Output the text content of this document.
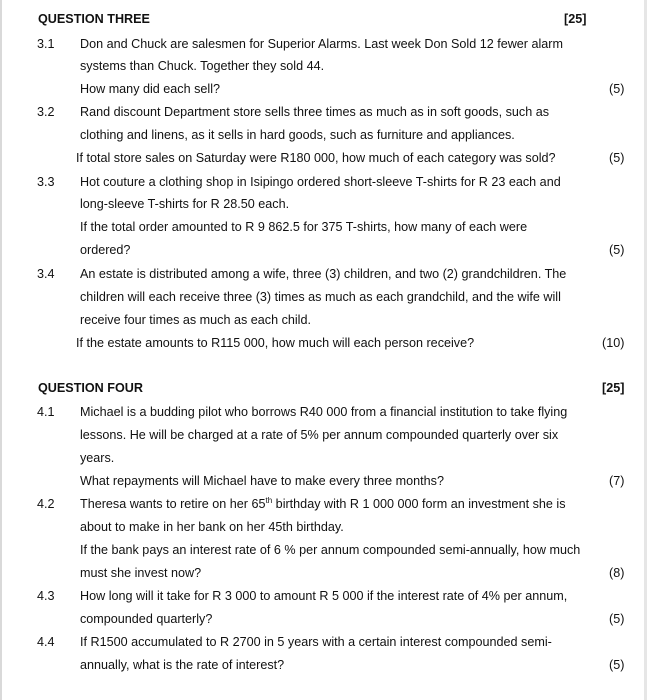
QUESTION THREE	[25]
3.1 Don and Chuck are salesmen for Superior Alarms. Last week Don Sold 12 fewer alarm
systems than Chuck. Together they sold 44.
How many did each sell?	(5)
3.2 Rand discount Department store sells three times as much as in soft goods, such as
clothing and linens, as it sells in hard goods, such as furniture and appliances.
If total store sales on Saturday were R180 000, how much of each category was sold?	(5)
3.3 Hot couture a clothing shop in Isipingo ordered short-sleeve T-shirts for R 23 each and
long-sleeve T-shirts for R 28.50 each.
If the total order amounted to R 9 862.5 for 375 T-shirts, how many of each were
ordered?	(5)
3.4 An estate is distributed among a wife, three (3) children, and two (2) grandchildren. The
children will each receive three (3) times as much as each grandchild, and the wife will
receive four times as much as each child.
If the estate amounts to R115 000, how much will each person receive?	(10)
QUESTION FOUR	[25]
4.1 Michael is a budding pilot who borrows R40 000 from a financial institution to take flying
lessons. He will be charged at a rate of 5% per annum compounded quarterly over six
years.
What repayments will Michael have to make every three months?	(7)
4.2 Theresa wants to retire on her 65th birthday with R 1 000 000 form an investment she is
about to make in her bank on her 45th birthday.
If the bank pays an interest rate of 6 % per annum compounded semi-annually, how much
must she invest now?	(8)
4.3 How long will it take for R 3 000 to amount R 5 000 if the interest rate of 4% per annum,
compounded quarterly?	(5)
4.4 If R1500 accumulated to R 2700 in 5 years with a certain interest compounded semi-
annually, what is the rate of interest?	(5)
